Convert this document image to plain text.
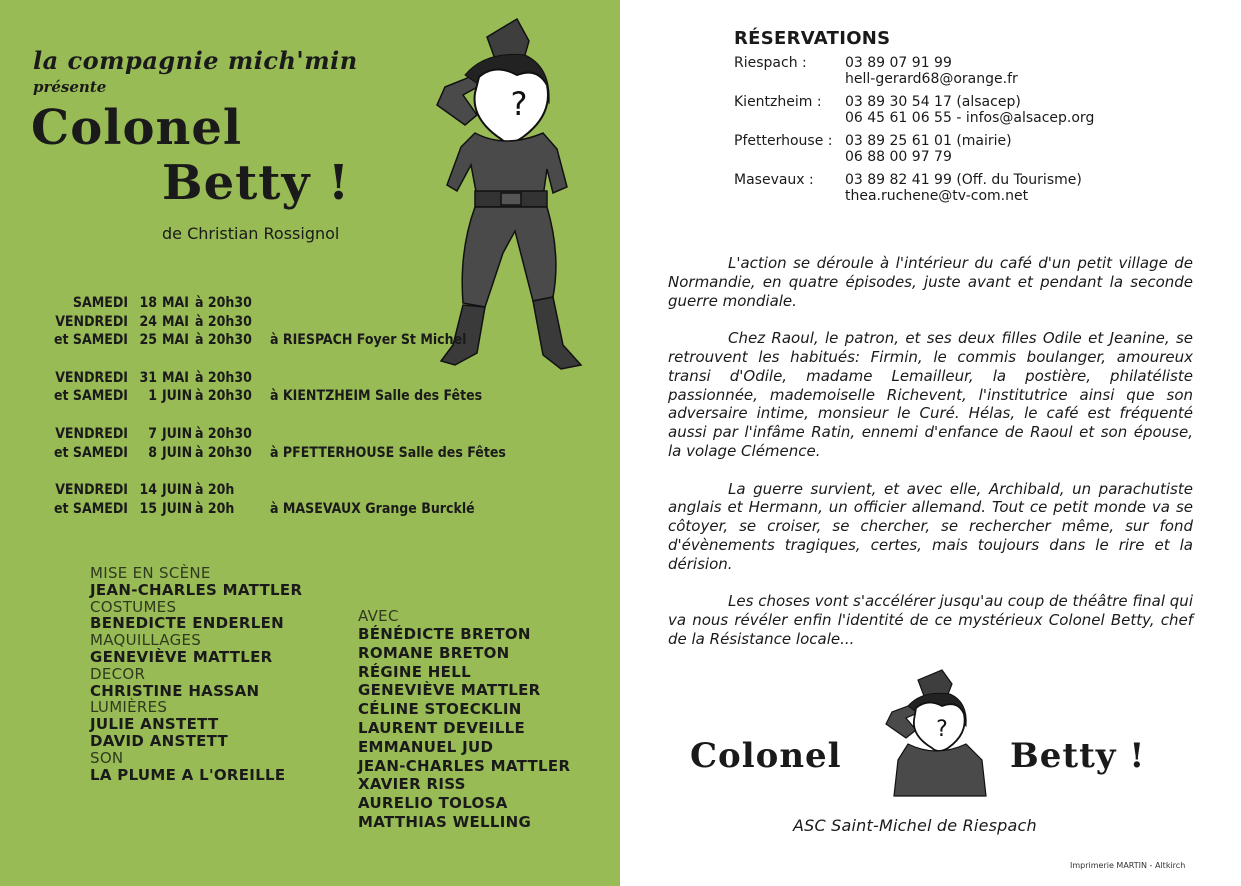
la compagnie mich'min
présente
Colonel
Betty !
de Christian Rossignol
?
SAMEDI 18 MAI à 20h30
VENDREDI 24 MAI à 20h30
et SAMEDI 25 MAI à 20h30	à RIESPACH Foyer St Michel
VENDREDI 31 MAI à 20h30
et SAMEDI	1 JUIN à 20h30	à KIENTZHEIM Salle des Fêtes
VENDREDI	7 JUIN à 20h30
et SAMEDI	8 JUIN à 20h30	à PFETTERHOUSE Salle des Fêtes
VENDREDI 14 JUIN à 20h
et SAMEDI 15 JUIN à 20h	à MASEVAUX Grange Burcklé
MISE EN SCÈNE
JEAN-CHARLES MATTLER
COSTUMES
BENEDICTE ENDERLEN
MAQUILLAGES
GENEVIÈVE MATTLER
DECOR
CHRISTINE HASSAN
LUMIÈRES
JULIE ANSTETT
DAVID ANSTETT
SON
LA PLUME A L'OREILLE
AVEC
BÉNÉDICTE BRETON
ROMANE BRETON
RÉGINE HELL
GENEVIÈVE MATTLER
CÉLINE STOECKLIN
LAURENT DEVEILLE
EMMANUEL JUD
JEAN-CHARLES MATTLER
XAVIER RISS
AURELIO TOLOSA
MATTHIAS WELLING
RÉSERVATIONS
Riespach :	03 89 07 91 99
hell-gerard68@orange.fr
Kientzheim :	03 89 30 54 17 (alsacep)
06 45 61 06 55 - infos@alsacep.org
Pfetterhouse : 03 89 25 61 01 (mairie)
06 88 00 97 79
Masevaux :	03 89 82 41 99 (Off. du Tourisme)
thea.ruchene@tv-com.net

L'action se déroule à l'intérieur du café d'un petit village de Normandie, en quatre épisodes, juste avant et pendant la seconde guerre mondiale.

Chez Raoul, le patron, et ses deux filles Odile et Jeanine, se retrouvent les habitués: Firmin, le commis boulanger, amoureux transi d'Odile, madame Lemailleur, la postière, philatéliste passionnée, mademoiselle Richevent, l'institutrice ainsi que son adversaire intime, monsieur le Curé. Hélas, le café est fréquenté aussi par l'infâme Ratin, ennemi d'enfance de Raoul et son épouse, la volage Clémence.

La guerre survient, et avec elle, Archibald, un parachutiste anglais et Hermann, un officier allemand. Tout ce petit monde va se côtoyer, se croiser, se chercher, se rechercher même, sur fond d'évènements tragiques, certes, mais toujours dans le rire et la dérision.

Les choses vont s'accélérer jusqu'au coup de théâtre final qui va nous révéler enfin l'identité de ce mystérieux Colonel Betty, chef de la Résistance locale...

Colonel
?
Betty !
ASC Saint-Michel de Riespach
Imprimerie MARTIN - Altkirch
